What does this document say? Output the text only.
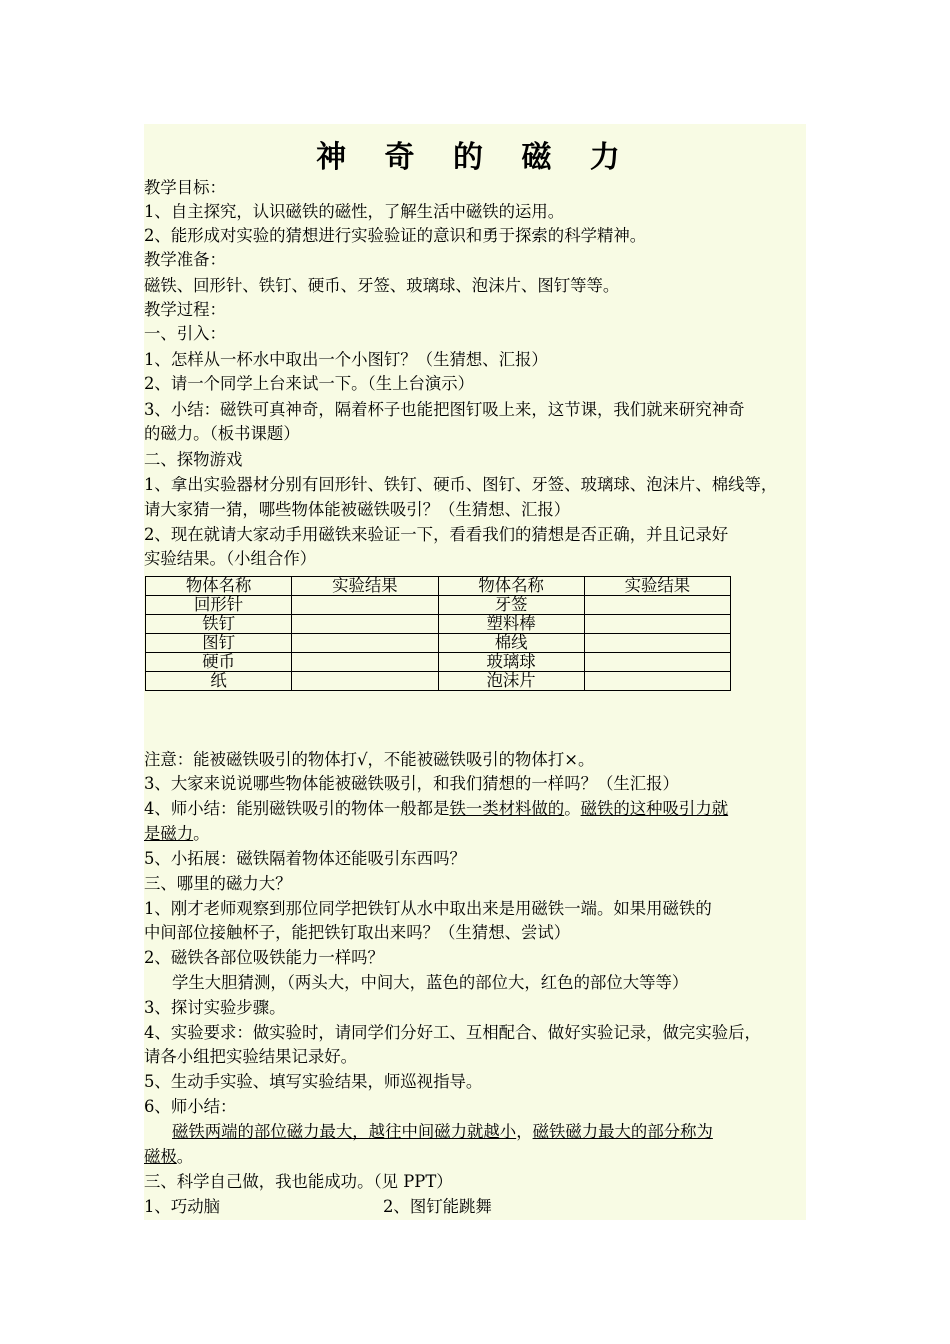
神 奇 的 磁 力
教学目标：
1、自主探究，认识磁铁的磁性，了解生活中磁铁的运用。
2、能形成对实验的猜想进行实验验证的意识和勇于探索的科学精神。
教学准备：
磁铁、回形针、铁钉、硬币、牙签、玻璃球、泡沫片、图钉等等。
教学过程：
一、引入：
1、怎样从一杯水中取出一个小图钉？（生猜想、汇报）
2、请一个同学上台来试一下。（生上台演示）
3、小结：磁铁可真神奇，隔着杯子也能把图钉吸上来，这节课，我们就来研究神奇
的磁力。（板书课题）
二、探物游戏
1、拿出实验器材分别有回形针、铁钉、硬币、图钉、牙签、玻璃球、泡沫片、棉线等，
请大家猜一猜，哪些物体能被磁铁吸引？（生猜想、汇报）
2、现在就请大家动手用磁铁来验证一下，看看我们的猜想是否正确，并且记录好
实验结果。（小组合作）
物体名称	实验结果	物体名称	实验结果
回形针		牙签	
铁钉		塑料棒	
图钉		棉线	
硬币		玻璃球	
纸		泡沫片	
注意：能被磁铁吸引的物体打√，不能被磁铁吸引的物体打×。
3、大家来说说哪些物体能被磁铁吸引，和我们猜想的一样吗？（生汇报）
4、师小结：能别磁铁吸引的物体一般都是铁一类材料做的。磁铁的这种吸引力就
是磁力。
5、小拓展：磁铁隔着物体还能吸引东西吗？
三、哪里的磁力大？
1、刚才老师观察到那位同学把铁钉从水中取出来是用磁铁一端。如果用磁铁的
中间部位接触杯子，能把铁钉取出来吗？（生猜想、尝试）
2、磁铁各部位吸铁能力一样吗？
学生大胆猜测，（两头大，中间大，蓝色的部位大，红色的部位大等等）
3、探讨实验步骤。
4、实验要求：做实验时，请同学们分好工、互相配合、做好实验记录，做完实验后，
请各小组把实验结果记录好。
5、生动手实验、填写实验结果，师巡视指导。
6、师小结：
磁铁两端的部位磁力最大，越往中间磁力就越小，磁铁磁力最大的部分称为
磁极。
三、科学自己做，我也能成功。（见 PPT）
1、巧动脑	2、图钉能跳舞
